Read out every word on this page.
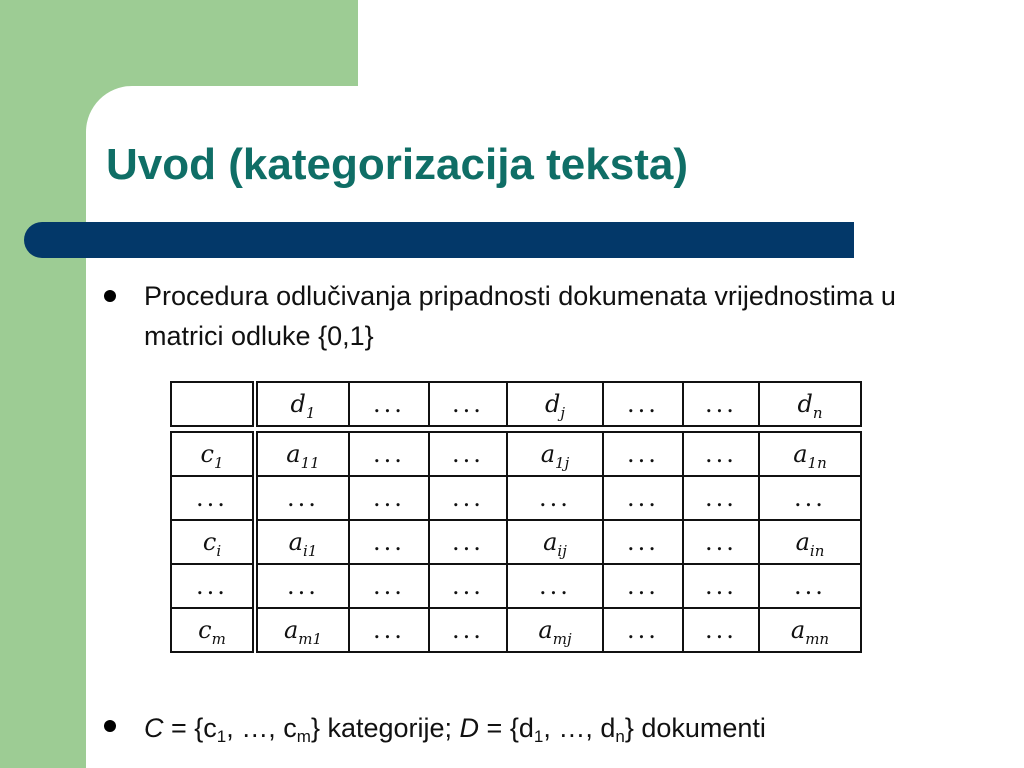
Uvod (kategorizacija teksta)
Procedura odlučivanja pripadnosti dokumenata vrijednostima u matrici odluke {0,1}
	$d_1$	...	...	$d_j$	...	...	$d_n$

$c_1$	$a_{11}$	...	...	$a_{1j}$	...	...	$a_{1n}$
...	...	...	...	...	...	...	...
$c_i$	$a_{i1}$	...	...	$a_{ij}$	...	...	$a_{in}$
...	...	...	...	...	...	...	...
$c_m$	$a_{m1}$	...	...	$a_{mj}$	...	...	$a_{mn}$
$C = \{c_1$, …, $c_m$} kategorije; $D = \{d_1$, …, $d_n$} dokumenti
